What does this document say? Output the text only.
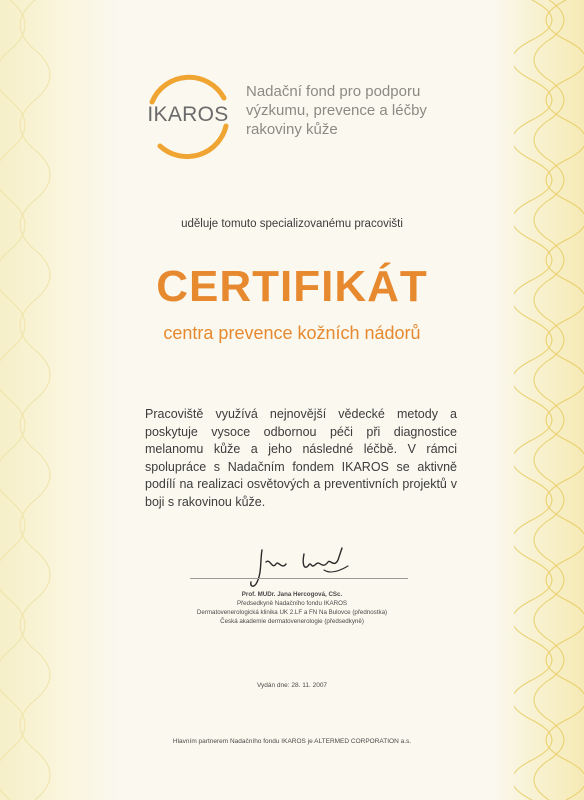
IKAROS
Nadační fond pro podporu
výzkumu, prevence a léčby
rakoviny kůže
uděluje tomuto specializovanému pracovišti
CERTIFIKÁT
centra prevence kožních nádorů
Pracoviště využívá nejnovější vědecké metody a poskytuje vysoce odbornou péči při diagnostice melanomu kůže a jeho následné léčbě. V rámci spolupráce s Nadačním fondem IKAROS se aktivně podílí na realizaci osvětových a preventivních projektů v boji s rakovinou kůže.
Prof. MUDr. Jana Hercogová, CSc.
Předsedkyně Nadačního fondu IKAROS
Dermatovenerologická klinika UK 2.LF a FN Na Bulovce (přednostka)
Česká akademie dermatovenerologie (předsedkyně)
Vydán dne: 28. 11. 2007
Hlavním partnerem Nadačního fondu IKAROS je ALTERMED CORPORATION a.s.
